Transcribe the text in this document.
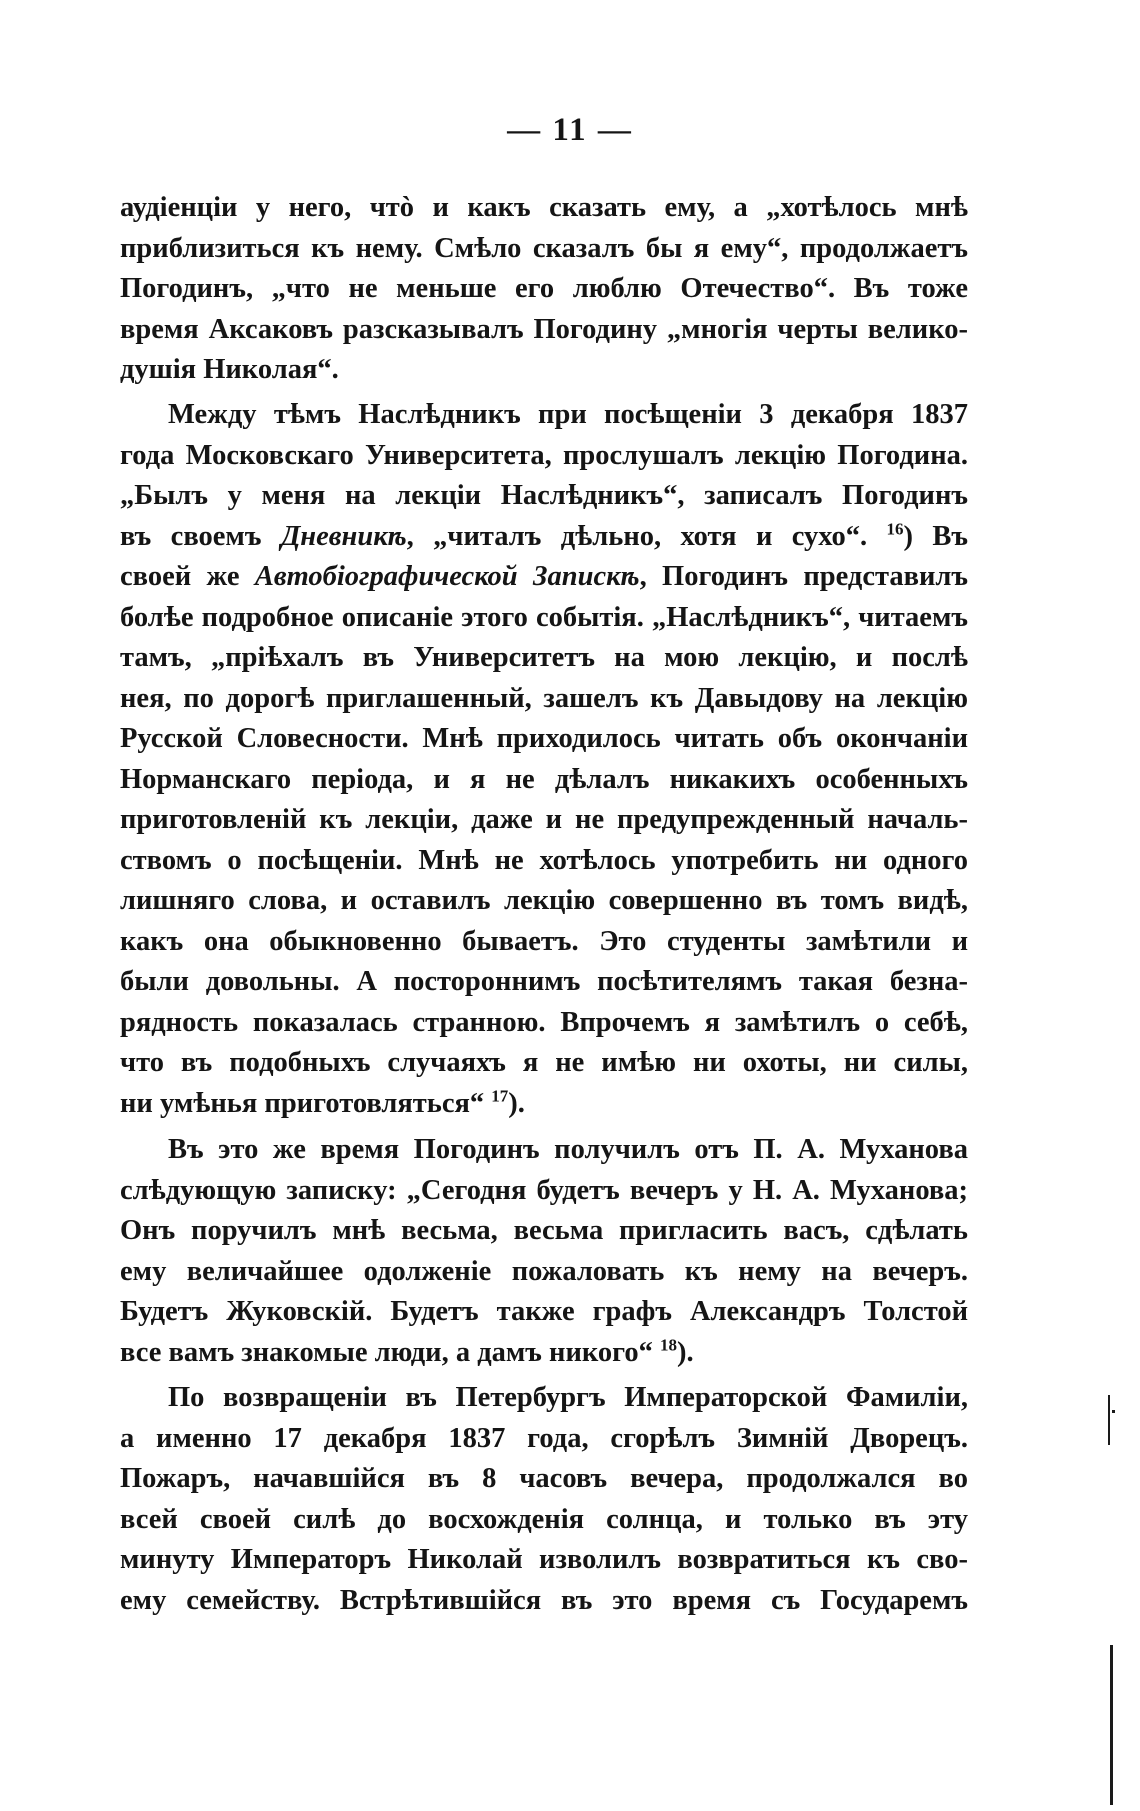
— 11 —
аудіенціи у него, чтò и какъ сказать ему, а „хотѣлось мнѣ
приблизиться къ нему. Смѣло сказалъ бы я ему“, продолжаетъ
Погодинъ, „что не меньше его люблю Отечество“. Въ тоже
время Аксаковъ разсказывалъ Погодину „многія черты велико-
душія Николая“.
Между тѣмъ Наслѣдникъ при посѣщеніи 3 декабря 1837
года Московскаго Университета, прослушалъ лекцію Погодина.
„Былъ у меня на лекціи Наслѣдникъ“, записалъ Погодинъ
въ своемъ Дневникѣ, „читалъ дѣльно, хотя и сухо“. $^{16}$) Въ
своей же Автобіографической Запискѣ, Погодинъ представилъ
болѣе подробное описаніе этого событія. „Наслѣдникъ“, читаемъ
тамъ, „пріѣхалъ въ Университетъ на мою лекцію, и послѣ
нея, по дорогѣ приглашенный, зашелъ къ Давыдову на лекцію
Русской Словесности. Мнѣ приходилось читать объ окончаніи
Норманскаго періода, и я не дѣлалъ никакихъ особенныхъ
приготовленій къ лекціи, даже и не предупрежденный началь-
ствомъ о посѣщеніи. Мнѣ не хотѣлось употребить ни одного
лишняго слова, и оставилъ лекцію совершенно въ томъ видѣ,
какъ она обыкновенно бываетъ. Это студенты замѣтили и
были довольны. А постороннимъ посѣтителямъ такая безна-
рядность показалась странною. Впрочемъ я замѣтилъ о себѣ,
что въ подобныхъ случаяхъ я не имѣю ни охоты, ни силы,
ни умѣнья приготовляться“ $^{17}$).
Въ это же время Погодинъ получилъ отъ П. А. Муханова
слѣдующую записку: „Сегодня будетъ вечеръ у Н. А. Муханова;
Онъ поручилъ мнѣ весьма, весьма пригласить васъ, сдѣлать
ему величайшее одолженіе пожаловать къ нему на вечеръ.
Будетъ Жуковскій. Будетъ также графъ Александръ Толстой
все вамъ знакомые люди, а дамъ никого“ $^{18}$).
По возвращеніи въ Петербургъ Императорской Фамиліи,
а именно 17 декабря 1837 года, сгорѣлъ Зимній Дворецъ.
Пожаръ, начавшійся въ 8 часовъ вечера, продолжался во
всей своей силѣ до восхожденія солнца, и только въ эту
минуту Императоръ Николай изволилъ возвратиться къ сво-
ему семейству. Встрѣтившійся въ это время съ Государемъ
